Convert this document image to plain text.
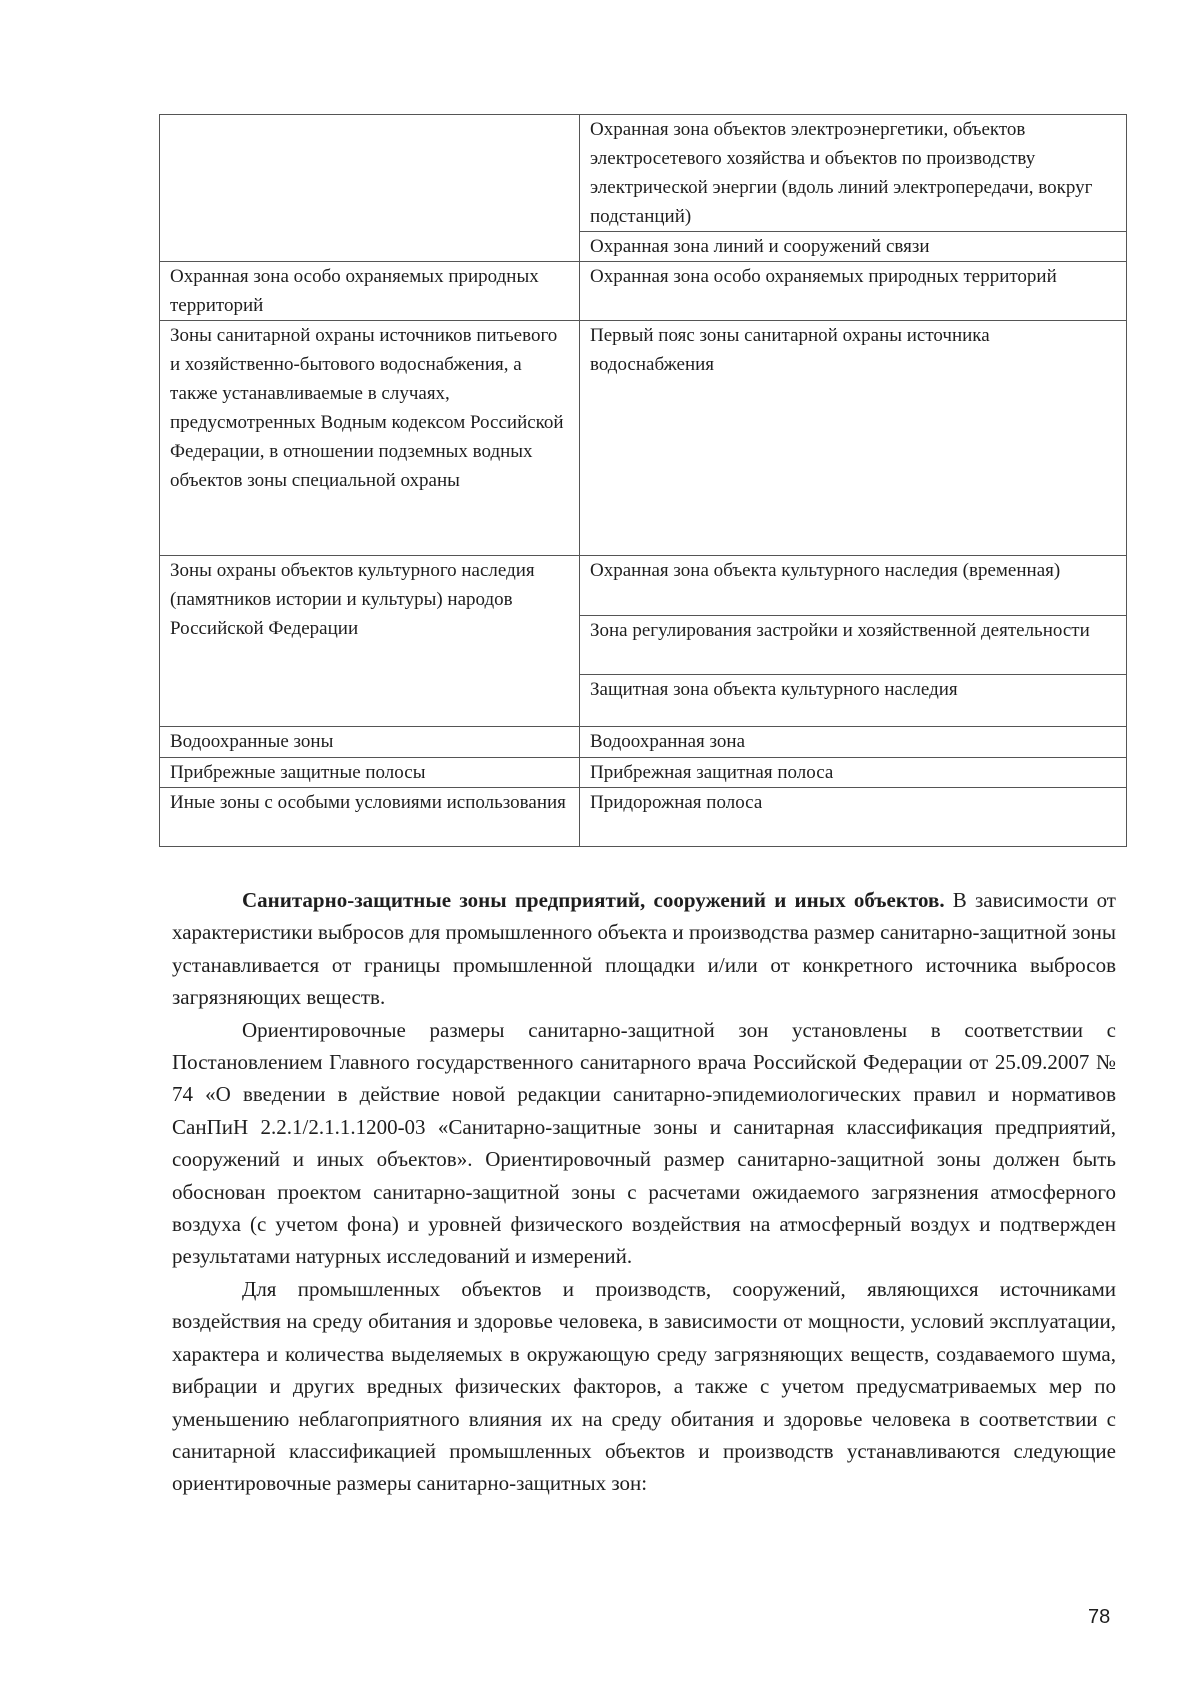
	Охранная зона объектов электроэнергетики, объектов электросетевого хозяйства и объектов по производству электрической энергии (вдоль линий электропередачи, вокруг подстанций)
	Охранная зона линий и сооружений связи
Охранная зона особо охраняемых природных территорий	Охранная зона особо охраняемых природных территорий
Зоны санитарной охраны источников питьевого и хозяйственно-бытового водоснабжения, а также устанавливаемые в случаях, предусмотренных Водным кодексом Российской Федерации, в отношении подземных водных объектов зоны специальной охраны	Первый пояс зоны санитарной охраны источника водоснабжения
Зоны охраны объектов культурного наследия (памятников истории и культуры) народов Российской Федерации	Охранная зона объекта культурного наследия (временная)
	Зона регулирования застройки и хозяйственной деятельности
	Защитная зона объекта культурного наследия
Водоохранные зоны	Водоохранная зона
Прибрежные защитные полосы	Прибрежная защитная полоса
Иные зоны с особыми условиями использования	Придорожная полоса

Санитарно-защитные зоны предприятий, сооружений и иных объектов. В зависимости от характеристики выбросов для промышленного объекта и производства размер санитарно-защитной зоны устанавливается от границы промышленной площадки и/или от конкретного источника выбросов загрязняющих веществ.

Ориентировочные размеры санитарно-защитной зон установлены в соответствии с Постановлением Главного государственного санитарного врача Российской Федерации от 25.09.2007 № 74 «О введении в действие новой редакции санитарно-эпидемиологических правил и нормативов СанПиН 2.2.1/2.1.1.1200-03 «Санитарно-защитные зоны и санитарная классификация предприятий, сооружений и иных объектов». Ориентировочный размер санитарно-защитной зоны должен быть обоснован проектом санитарно-защитной зоны с расчетами ожидаемого загрязнения атмосферного воздуха (с учетом фона) и уровней физического воздействия на атмосферный воздух и подтвержден результатами натурных исследований и измерений.

Для промышленных объектов и производств, сооружений, являющихся источниками воздействия на среду обитания и здоровье человека, в зависимости от мощности, условий эксплуатации, характера и количества выделяемых в окружающую среду загрязняющих веществ, создаваемого шума, вибрации и других вредных физических факторов, а также с учетом предусматриваемых мер по уменьшению неблагоприятного влияния их на среду обитания и здоровье человека в соответствии с санитарной классификацией промышленных объектов и производств устанавливаются следующие ориентировочные размеры санитарно-защитных зон:

78
